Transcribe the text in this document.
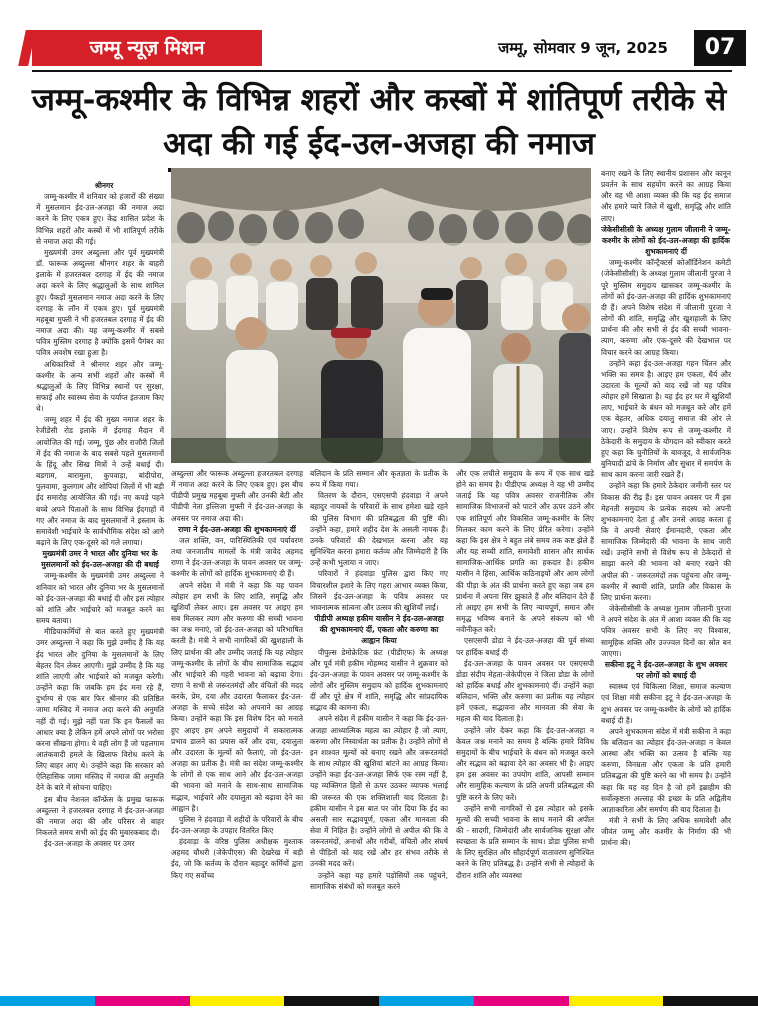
जम्मू न्यूज़ मिशन	जम्मू, सोमवार 9 जून, 2025	07
जम्मू-कश्मीर के विभिन्न शहरों और कस्बों में शांतिपूर्ण तरीके से अदा की गई ईद-उल-अजहा की नमाज

श्रीनगर

जम्मू-कश्मीर में शनिवार को हजारों की संख्या में मुसलमान ईद-उल-अजहा की नमाज अदा करने के लिए एकत्र हुए। केंद्र शासित प्रदेश के विभिन्न शहरों और कस्बों में भी शांतिपूर्ण तरीके से नमाज अदा की गई।

मुख्यमंत्री उमर अब्दुल्ला और पूर्व मुख्यमंत्री डॉ. फारूक अब्दुल्ला श्रीनगर शहर के बाहरी इलाके में हजरतबल दरगाह में ईद की नमाज अदा करने के लिए श्रद्धालुओं के साथ शामिल हुए। पैकड़ों मुसलमान नमाज अदा करने के लिए दरगाह के लॉन में एकत्र हुए। पूर्व मुख्यमंत्री महबूबा मुफ्ती ने भी हजरतबल दरगाह में ईद की नमाज अदा की। यह जम्मू-कश्मीर में सबसे पवित्र मुस्लिम दरगाह है क्योंकि इसमें पैगंबर का पवित्र अवशेष रखा हुआ है।

अधिकारियों ने श्रीनगर शहर और जम्मू-कश्मीर के अन्य सभी शहरों और कस्बों में श्रद्धालुओं के लिए विभिन्न स्थानों पर सुरक्षा, सफाई और स्वास्थ्य सेवा के पर्याप्त इंतजाम किए थे।

जम्मू शहर में ईद की मुख्य नमाज शहर के रेजीडेंसी रोड इलाके में ईदगाह मैदान में आयोजित की गई। जम्मू, पुंछ और राजौरी जिलों में ईद की नमाज के बाद सबसे पहले मुसलमानों के हिंदू और सिख मित्रों ने उन्हें बधाई दी। बडगाम, बारामुला, कुपवाड़ा, बांदीपोरा, पुलवामा, कुलगाम और शोपियां जिलों में भी बड़ी ईद समारोह आयोजित की गई। नए कपड़े पहने बच्चे अपने पिताओं के साथ विभिन्न ईदगाहों में गए और नमाज के बाद मुसलमानों ने इस्लाम के समावेशी भाईचारे के सार्वभौमिक संदेश को आगे बढ़ाने के लिए एक-दूसरे को गले लगाया।

मुख्यमंत्री उमर ने भारत और दुनिया भर के मुसलमानों को ईद-उल-अजहा की दी बधाई

जम्मू-कश्मीर के मुख्यमंत्री उमर अब्दुल्ला ने शनिवार को भारत और दुनिया भर के मुसलमानों को ईद-उल-अजहा की बधाई दी और इस त्योहार को शांति और भाईचारे को मजबूत करने का समय बताया।

मीडियाकर्मियों से बात करते हुए मुख्यमंत्री उमर अब्दुल्ला ने कहा कि मुझे उम्मीद है कि यह ईद भारत और दुनिया के मुसलमानों के लिए बेहतर दिन लेकर आएगी। मुझे उम्मीद है कि यह शांति लाएगी और भाईचारे को मजबूत करेगी। उन्होंने कहा कि जबकि हम ईद मना रहे हैं, दुर्भाग्य से एक बार फिर श्रीनगर की प्रतिष्ठित जामा मस्जिद में नमाज अदा करने की अनुमति नहीं दी गई। मुझे नहीं पता कि इन फैसलों का आधार क्या है लेकिन हमें अपने लोगों पर भरोसा करना सीखना होगा। ये वही लोग हैं जो पहलगाम आतंकवादी हमले के खिलाफ विरोध करने के लिए बाहर आए थे। उन्होंने कहा कि सरकार को ऐतिहासिक जामा मस्जिद में नमाज की अनुमति देने के बारे में सोचना चाहिए।

इस बीच नेशनल कॉन्फ्रेंस के प्रमुख फारूक अब्दुल्ला ने हजरतबल दरगाह में ईद-उल-अजहा की नमाज अदा की और परिसर से बाहर निकलते समय सभी को ईद की मुबारकबाद दी।

ईद-उल-अजहा के अवसर पर उमर

अब्दुल्ला और फारूक अब्दुल्ला हजरतबल दरगाह में नमाज अदा करने के लिए एकत्र हुए। इस बीच पीडीपी प्रमुख महबूबा मुफ्ती और उनकी बेटी और पीडीपी नेता इल्तिजा मुफ्ती ने ईद-उल-अजहा के अवसर पर नमाज अदा की।

राणा ने ईद-उल-अजहा की शुभकामनाएं दीं

जल शक्ति, वन, पारिस्थितिकी एवं पर्यावरण तथा जनजातीय मामलों के मंत्री जावेद अहमद राणा ने ईद-उल-अजहा के पावन अवसर पर जम्मू-कश्मीर के लोगों को हार्दिक शुभकामनाएं दी हैं।

अपने संदेश में मंत्री ने कहा कि यह पावन त्योहार हम सभी के लिए शांति, समृद्धि और खुशियाँ लेकर आए। इस अवसर पर आइए हम सब मिलकर त्याग और करुणा की सच्ची भावना का जश्न मनाएं, जो ईद-उल-अजहा को परिभाषित करती है। मंत्री ने सभी नागरिकों की खुशहाली के लिए प्रार्थना की और उम्मीद जताई कि यह त्योहार जम्मू-कश्मीर के लोगों के बीच सामाजिक सद्भाव और भाईचारे की गहरी भावना को बढ़ावा देगा। राणा ने सभी से जरूरतमंदों और वंचितों की मदद करके, प्रेम, दया और उदारता फैलाकर ईद-उल-अजहा के सच्चे संदेश को अपनाने का आग्रह किया। उन्होंने कहा कि इस विशेष दिन को मनाते हुए आइए हम अपने समुदायों में सकारात्मक प्रभाव डालने का प्रयास करें और दया, दयालुता और उदारता के मूल्यों को फैलाएं, जो ईद-उल-अजहा का प्रतीक है। मंत्री का संदेश जम्मू-कश्मीर के लोगों से एक साथ आने और ईद-उल-अजहा की भावना को मनाने के साथ-साथ सामाजिक सद्भाव, भाईचारे और दयालुता को बढ़ावा देने का आह्वान है।

पुलिस ने हंदवाड़ा में शहीदों के परिवारों के बीच ईद-उल-अजहा के उपहार वितरित किए

हंदवाड़ा के वरिष्ठ पुलिस अधीक्षक मुश्ताक अहमद चौधरी (जेकेपीएस) की देखरेख में बड़ी ईद, जो कि कर्तव्य के दौरान बहादुर कर्मियों द्वारा किए गए सर्वोच्च

बलिदान के प्रति सम्मान और कृतज्ञता के प्रतीक के रूप में किया गया।

वितरण के दौरान, एसएसपी हंदवाड़ा ने अपने बहादुर नायकों के परिवारों के साथ हमेशा खड़े रहने की पुलिस विभाग की प्रतिबद्धता की पुष्टि की। उन्होंने कहा, हमारे शहीद देश के असली नायक हैं। उनके परिवारों की देखभाल करना और यह सुनिश्चित करना हमारा कर्तव्य और जिम्मेदारी है कि उन्हें कभी भुलाया न जाए।

परिवारों ने हंदवाड़ा पुलिस द्वारा किए गए विचारशील इशारे के लिए गहरा आभार व्यक्त किया, जिसने ईद-उल-अजहा के पवित्र अवसर पर भावनात्मक सांत्वना और उत्सव की खुशियाँ लाईं।

पीडीपी अध्यक्ष हकीम यासीन ने ईद-उल-अजहा की शुभकामनाएं दीं, एकता और करुणा का आह्वान किया

पीपुल्स डेमोक्रेटिक फ्रंट (पीडीएफ) के अध्यक्ष और पूर्व मंत्री हकीम मोहम्मद यासीन ने शुक्रवार को ईद-उल-अजहा के पावन अवसर पर जम्मू-कश्मीर के लोगों और मुस्लिम समुदाय को हार्दिक शुभकामनाएं दीं और पूरे क्षेत्र में शांति, समृद्धि और सांप्रदायिक सद्भाव की कामना की।

अपने संदेश में हकीम यासीन ने कहा कि ईद-उल-अजहा आध्यात्मिक महत्व का त्योहार है जो त्याग, करुणा और निस्वार्थता का प्रतीक है। उन्होंने लोगों से इन शाश्वत मूल्यों को बनाए रखने और जरूरतमंदों के साथ त्योहार की खुशियां बांटने का आग्रह किया। उन्होंने कहा ईद-उल-अजहा सिर्फ एक रस्म नहीं है, यह व्यक्तिगत हितों से ऊपर उठकर व्यापक भलाई की जरूरत की एक शक्तिशाली याद दिलाता है। हकीम यासीन ने इस बात पर जोर दिया कि ईद का असली सार सद्भावपूर्ण, एकता और मानवता की सेवा में निहित है। उन्होंने लोगों से अपील की कि वे जरूरतमंदों, अनाथों और गरीबों, वंचितों और संघर्ष से पीड़ितों को याद रखें और हर संभव तरीके से उनकी मदद करें।

उन्होंने कहा यह हमारे पड़ोसियों तक पहुंचने, सामाजिक संबंधों को मजबूत करने

और एक लचीले समुदाय के रूप में एक साथ खड़े होने का समय है। पीडीएफ अध्यक्ष ने यह भी उम्मीद जताई कि यह पवित्र अवसर राजनीतिक और सामाजिक विभाजनों को पाटने और ऊपर उठने और एक शांतिपूर्ण और विकसित जम्मू-कश्मीर के लिए मिलकर काम करने के लिए प्रेरित करेगा। उन्होंने कहा कि इस क्षेत्र ने बहुत लंबे समय तक कष्ट झेले हैं और यह सच्ची शांति, समावेशी शासन और सार्थक सामाजिक-आर्थिक प्रगति का हकदार है। हकीम यासीन ने हिंसा, आर्थिक कठिनाइयों और आम लोगों की पीड़ा के अंत की प्रार्थना करते हुए कहा जब हम प्रार्थना में अपना सिर झुकाते हैं और बलिदान देते हैं तो आइए हम सभी के लिए न्यायपूर्ण, समान और समृद्ध भविष्य बनाने के अपने संकल्प को भी नवीनीकृत करें।

एसएसपी डोडा ने ईद-उल-अजहा की पूर्व संध्या पर हार्दिक बधाई दी

ईद-उल-अजहा के पावन अवसर पर एसएसपी डोडा संदीप मेहता-जेकेपीएस ने जिला डोडा के लोगों को हार्दिक बधाई और शुभकामनाएं दीं। उन्होंने कहा बलिदान, भक्ति और करुणा का प्रतीक यह त्योहार हमें एकता, सद्भावना और मानवता की सेवा के महत्व की याद दिलाता है।

उन्होंने जोर देकर कहा कि ईद-उल-अजहा न केवल जश्न मनाने का समय है बल्कि हमारे विविध समुदायों के बीच भाईचारे के बंधन को मजबूत करने और सद्भाव को बढ़ावा देने का अवसर भी है। आइए हम इस अवसर का उपयोग शांति, आपसी सम्मान और सामुहिक कल्याण के प्रति अपनी प्रतिबद्धता की पुष्टि करने के लिए करें।

उन्होंने सभी नागरिकों से इस त्योहार को इसके मूल्यों की सच्ची भावना के साथ मनाने की अपील की - सादगी, जिम्मेदारी और सार्वजनिक सुरक्षा और स्वच्छता के प्रति सम्मान के साथ। डोडा पुलिस सभी के लिए सुरक्षित और सौहार्दपूर्ण वातावरण सुनिश्चित करने के लिए प्रतिबद्ध है। उन्होंने सभी से त्योहारों के दौरान शांति और व्यवस्था

बनाए रखने के लिए स्थानीय प्रशासन और कानून प्रवर्तन के साथ सहयोग करने का आग्रह किया और यह भी आशा व्यक्त की कि यह ईद समाज और हमारे प्यारे जिले में खुशी, समृद्धि और शांति लाए।

जेकेसीसीसी के अध्यक्ष गुलाम जीलानी ने जम्मू-कश्मीर के लोगों को ईद-उल-अजहा की हार्दिक शुभकामनाएं दीं

जम्मू-कश्मीर कॉन्ट्रैक्टर्स कोऑर्डिनेशन कमेटी (जेकेसीसीसी) के अध्यक्ष गुलाम जीलानी पुरजा ने पूरे मुस्लिम समुदाय खासकर जम्मू-कश्मीर के लोगों को ईद-उल-अजहा की हार्दिक शुभकामनाएं दी हैं। अपने विशेष संदेश में जीलानी पुरजा ने लोगों की शांति, समृद्धि और खुशहाली के लिए प्रार्थना की और सभी से ईद की सच्ची भावना- त्याग, करुणा और एक-दूसरे की देखभाल पर विचार करने का आग्रह किया।

उन्होंने कहा ईद-उल-अजहा गहन चिंतन और भक्ति का समय है। आइए हम एकता, धैर्य और उदारता के मूल्यों को याद रखें जो यह पवित्र त्योहार हमें सिखाता है। यह ईद हर घर में खुशियाँ लाए, भाईचारे के बंधन को मजबूत करे और हमें एक बेहतर, अधिक दयालु समाज की ओर ले जाए। उन्होंने विशेष रूप से जम्मू-कश्मीर में ठेकेदारी के समुदाय के योगदान को स्वीकार करते हुए कहा कि चुनौतियों के बावजूद, वे सार्वजनिक बुनियादी ढांचे के निर्माण और सुधार में समर्पण के साथ काम करना जारी रखते हैं।

उन्होंने कहा कि हमारे ठेकेदार जमीनी स्तर पर विकास की रीढ़ हैं। इस पावन अवसर पर मैं इस मेहनती समुदाय के प्रत्येक सदस्य को अपनी शुभकामनाएं देता हूं और उनसे आग्रह करता हूं कि वे अपनी सेवाएं ईमानदारी, एकता और सामाजिक जिम्मेदारी की भावना के साथ जारी रखें। उन्होंने सभी से विशेष रूप से ठेकेदारों से साझा करने की भावना को बनाए रखने की अपील की - जरूरतमंदों तक पहुंचना और जम्मू-कश्मीर में स्थायी शांति, प्रगति और विकास के लिए प्रार्थना करना।

जेकेसीसीसी के अध्यक्ष गुलाम जीलानी पुरजा ने अपने संदेश के अंत में आशा व्यक्त की कि यह पवित्र अवसर सभी के लिए नए विश्वास, सामूहिक शक्ति और उज्ज्वल दिनों का स्रोत बन जाएगा।

सकीना इटू ने ईद-उल-अजहा के शुभ अवसर पर लोगों को बधाई दी

स्वास्थ्य एवं चिकित्सा शिक्षा, समाज कल्याण एवं शिक्षा मंत्री सकीना इटू ने ईद-उल-अजहा के शुभ अवसर पर जम्मू-कश्मीर के लोगों को हार्दिक बधाई दी है।

अपने शुभकामना संदेश में मंत्री सकीना ने कहा कि बलिदान का त्योहार ईद-उल-अजहा न केवल आस्था और भक्ति का उत्सव है बल्कि यह करुणा, विनम्रता और एकता के प्रति हमारी प्रतिबद्धता की पुष्टि करने का भी समय है। उन्होंने कहा कि यह वह दिन है जो हमें इब्राहीम की सर्वोत्कृष्टता अल्लाह की इच्छा के प्रति अद्वितीय आज्ञाकारिता और समर्पण की याद दिलाता है।

मंत्री ने सभी के लिए अधिक समावेशी और जीवंत जम्मू और कश्मीर के निर्माण की भी प्रार्थना की।
